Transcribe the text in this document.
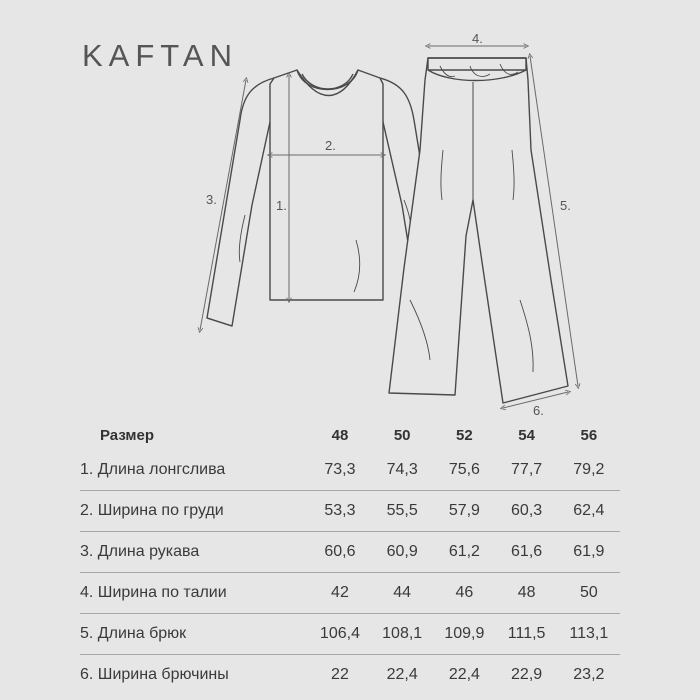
KAFTAN
1.
2.
3.
4.
5.
6.
Размер	48	50	52	54	56
1. Длина лонгслива	73,3	74,3	75,6	77,7	79,2
2. Ширина по груди	53,3	55,5	57,9	60,3	62,4
3. Длина рукава	60,6	60,9	61,2	61,6	61,9
4. Ширина по талии	42	44	46	48	50
5. Длина брюк	106,4	108,1	109,9	111,5	113,1
6. Ширина брючины	22	22,4	22,4	22,9	23,2
